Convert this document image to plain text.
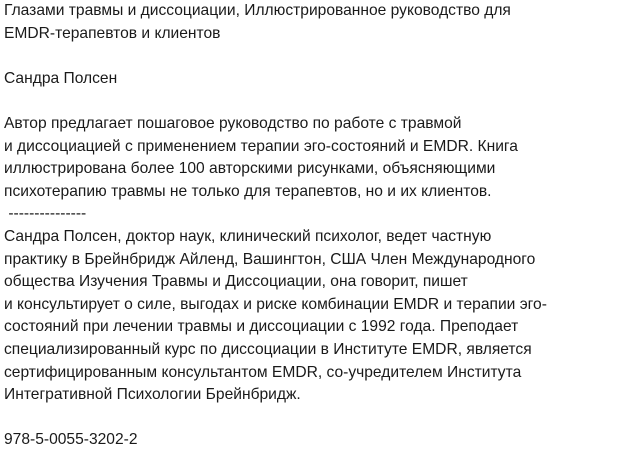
Глазами травмы и диссоциации, Иллюстрированное руководство для
EMDR-терапевтов и клиентов
Сандра Полсен
Автор предлагает пошаговое руководство по работе с травмой
и диссоциацией с применением терапии эго-состояний и EMDR. Книга
иллюстрирована более 100 авторскими рисунками, объясняющими
психотерапию травмы не только для терапевтов, но и их клиентов.
---------------
Сандра Полсен, доктор наук, клинический психолог, ведет частную
практику в Брейнбридж Айленд, Вашингтон, США Член Международного
общества Изучения Травмы и Диссоциации, она говорит, пишет
и консультирует о силе, выгодах и риске комбинации EMDR и терапии эго-
состояний при лечении травмы и диссоциации с 1992 года. Преподает
специализированный курс по диссоциации в Институте EMDR, является
сертифицированным консультантом EMDR, со-учредителем Института
Интегративной Психологии Брейнбридж.
978-5-0055-3202-2
